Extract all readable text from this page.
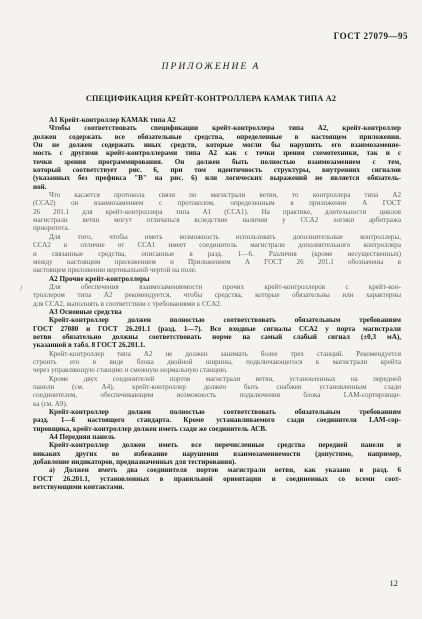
ГОСТ 27079—95
ПРИЛОЖЕНИЕ А
СПЕЦИФИКАЦИЯ КРЕЙТ-КОНТРОЛЛЕРА КАМАК ТИПА А2
/
А1 Крейт-контроллер КАМАК типа А2
Чтобы соответствовать спецификации крейт-контроллера типа А2, крейт-контроллер
должен содержать все обязательные средства, определенные в настоящем приложении.
Он не должен содержать иных средств, которые могли бы нарушить его взаимозаменяе-
мость с другими крейт-контроллерами типа А2 как с точки зрения схемотехники, так и с
точки зрения программирования. Он должен быть полностью взаимозаменяем с тем,
который соответствует рис. 6, при том идентичность структуры, внутренних сигналов
(указанных без префикса "В" на рис. 6) или логических выражений не является обязатель-
ной.
Что касается протокола связи по магистрали ветви, то контроллера типа А2
(ССА2) он взаимозаменяем с протоколом, определенным в приложении А ГОСТ
26 201.1 для крейт-контроллера типа А1 (ССА1). На практике, длительности циклов
магистрали ветви могут отличаться вследствие наличия у ССА2 логики арбитража
приоритета.
Для того, чтобы иметь возможность использовать дополнительные контроллеры,
ССА2 в отличие от ССА1 имеет соединитель магистрали дополнительного контроллера
и связанные средства, описанные в разд. 1—6. Различия (кроме несущественных)
между настоящим приложением и Приложением А ГОСТ 26 201.1 обозначены в
настоящем приложении вертикальной чертой на поле.
А2 Прочие крейт-контроллеры
Для обеспечения взаимозаменяемости прочих крейт-контроллеров с крейт-кон-
троллером типа А2 рекомендуется, чтобы средства, которые обязательны или характерны
для ССА2, выполнять в соответствии с требованиями к ССА2.
А3 Основные средства
Крейт-контроллер должен полностью соответствовать обязательным требованиям
ГОСТ 27080 и ГОСТ 26.201.1 (разд. 1—7). Все входные сигналы ССА2 у порта магистрали
ветви обязательно должны соответствовать норме на самый слабый сигнал (±0,3 мА),
указанной в табл. 8 ГОСТ 26.201.1.
Крейт-контроллер типа А2 не должен занимать более трех станций. Рекомендуется
строить его в виде блока двойной ширины, подключающегося к магистрали крейта
через управляющую станцию и смежную нормальную станцию.
Кроме двух соединителей портов магистрали ветви, установленных на передней
панели (см. А4), крейт-контроллер должен быть снабжен установленным сзади
соединителем, обеспечивающим возможность подключения блока LAM-сортировщи-
ка (см. А9).
Крейт-контроллер должен полностью соответствовать обязательным требованиям
разд. 1—6 настоящего стандарта. Кроме устанавливаемого сзади соединителя LAM-сор-
тировщика, крейт-контроллер должен иметь сзади же соединитель АСВ.
А4 Передняя панель
Крейт-контроллер должен иметь все перечисленные средства передней панели и
никаких других во избежание нарушения взаимозаменяемости (допустимо, например,
добавление индикаторов, предназначенных для тестирования).
а) Должен иметь два соединителя портов магистрали ветви, как указано в разд. 6
ГОСТ 26.201.1, установленных в правильной ориентации и соединенных со всеми соот-
ветствующими контактами.
12
